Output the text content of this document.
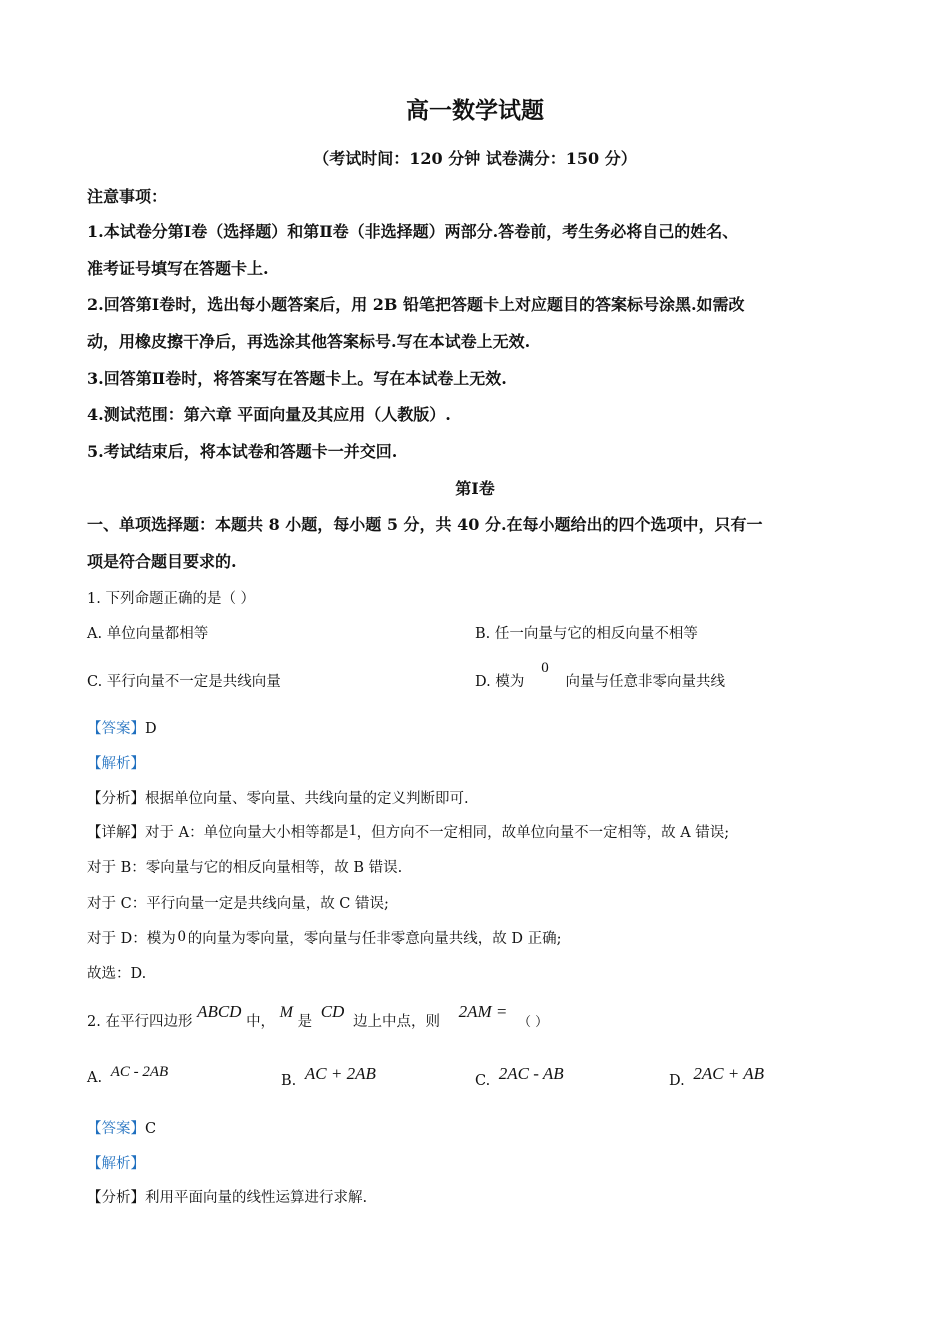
高一数学试题
（考试时间：120 分钟 试卷满分：150 分）
注意事项：
1.本试卷分第Ⅰ卷（选择题）和第Ⅱ卷（非选择题）两部分.答卷前，考生务必将自己的姓名、
准考证号填写在答题卡上.
2.回答第Ⅰ卷时，选出每小题答案后，用 2B 铅笔把答题卡上对应题目的答案标号涂黑.如需改
动，用橡皮擦干净后，再选涂其他答案标号.写在本试卷上无效.
3.回答第Ⅱ卷时，将答案写在答题卡上。写在本试卷上无效.
4.测试范围：第六章 平面向量及其应用（人教版）.
5.考试结束后，将本试卷和答题卡一并交回.
第Ⅰ卷
一、单项选择题：本题共 8 小题，每小题 5 分，共 40 分.在每小题给出的四个选项中，只有一
项是符合题目要求的.
1. 下列命题正确的是（ ）
A. 单位向量都相等	B. 任一向量与它的相反向量不相等
C. 平行向量不一定是共线向量	D. 模为 0 向量与任意非零向量共线
【答案】D
【解析】
【分析】根据单位向量、零向量、共线向量的定义判断即可.
【详解】对于 A：单位向量大小相等都是1，但方向不一定相同，故单位向量不一定相等，故 A 错误;
对于 B：零向量与它的相反向量相等，故 B 错误.
对于 C：平行向量一定是共线向量，故 C 错误;
对于 D：模为 0 的向量为零向量，零向量与任非零意向量共线，故 D 正确;
故选：D.
2. 在平行四边形 ABCD 中， M 是 CD 边上中点，则 2AM = （ ）
A. AC - 2AB
B. AC + 2AB	C. 2AC - AB	D. 2AC + AB
【答案】C
【解析】
【分析】利用平面向量的线性运算进行求解.
